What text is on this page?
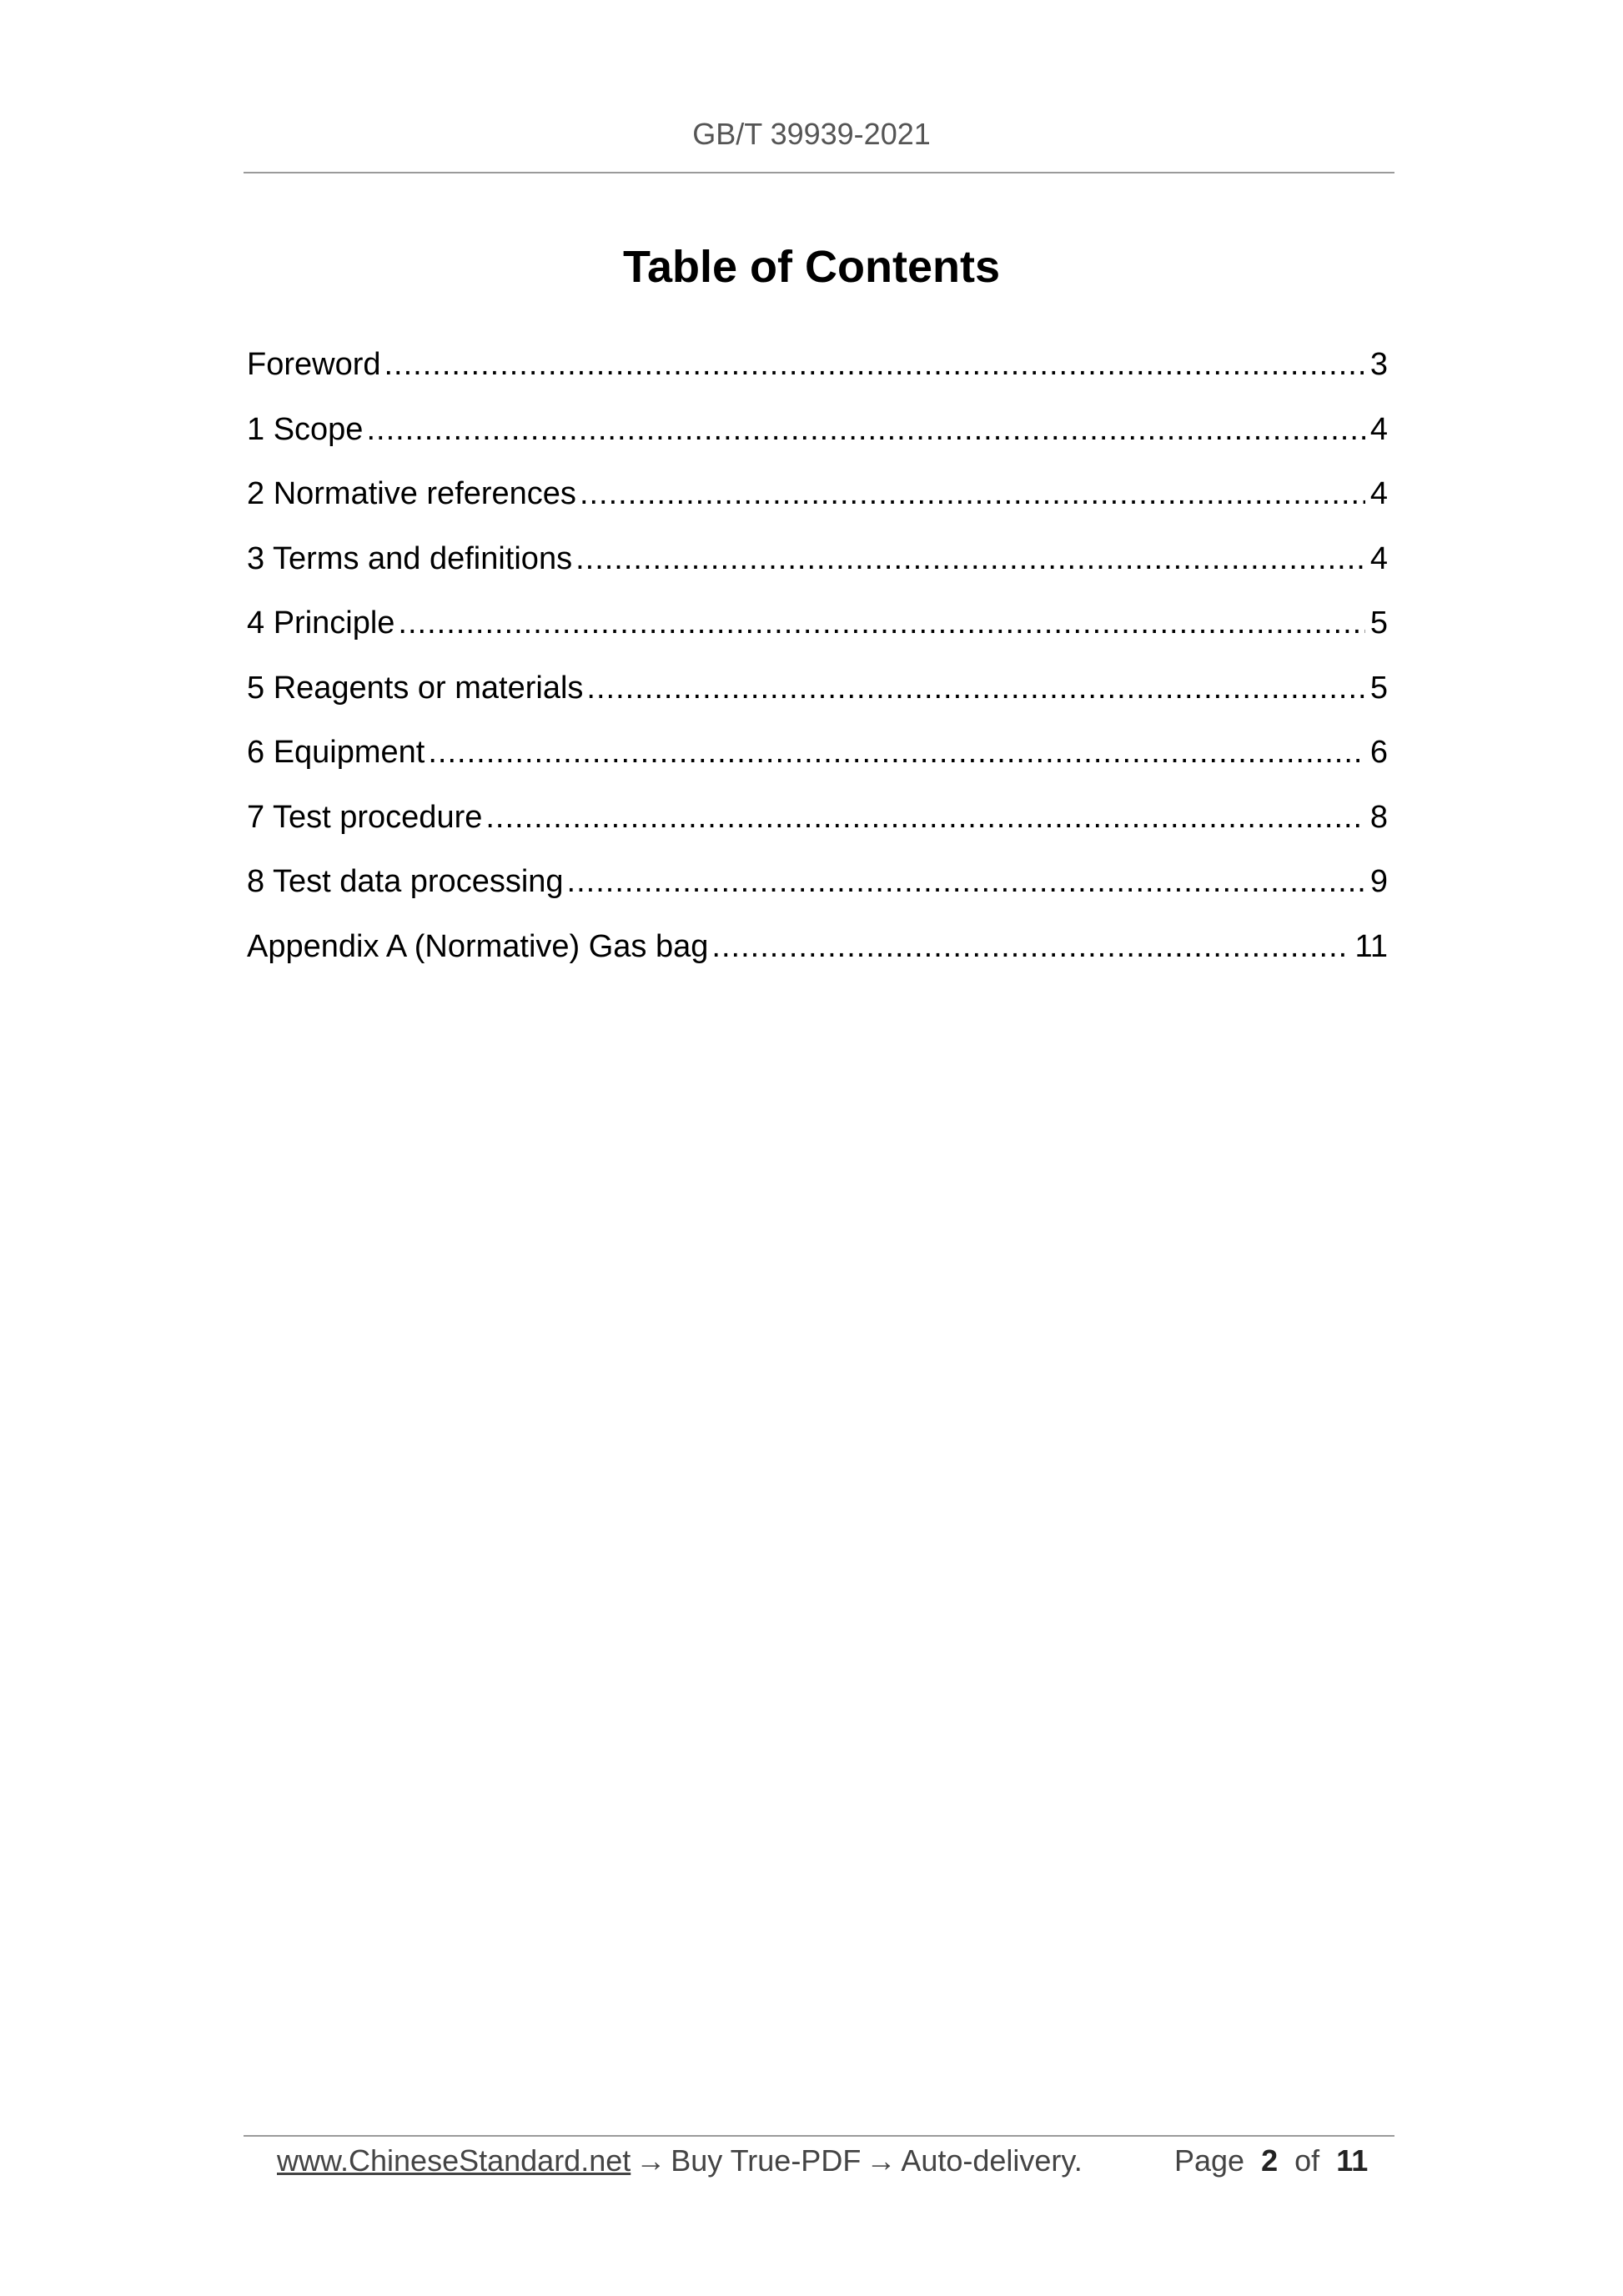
GB/T 39939-2021
Table of Contents
Foreword .....	3
1 Scope .....	4
2 Normative references .....	4
3 Terms and definitions .....	4
4 Principle .....	5
5 Reagents or materials .....	5
6 Equipment .....	6
7 Test procedure .....	8
8 Test data processing .....	9
Appendix A (Normative) Gas bag .....	11
www.ChineseStandard.net → Buy True-PDF → Auto-delivery.	Page 2 of 11
